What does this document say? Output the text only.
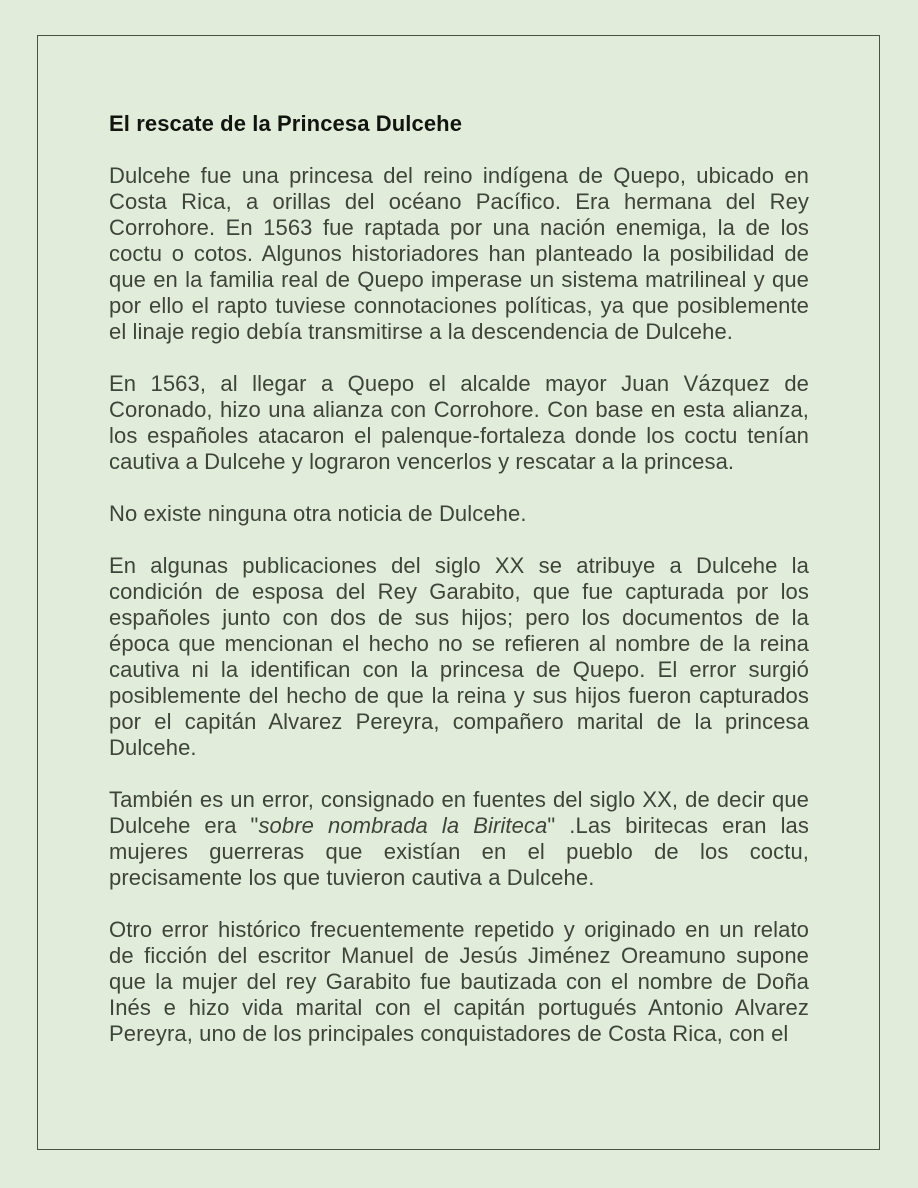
El rescate de la Princesa Dulcehe

Dulcehe fue una princesa del reino indígena de Quepo, ubicado en Costa Rica, a orillas del océano Pacífico. Era hermana del Rey Corrohore. En 1563 fue raptada por una nación enemiga, la de los coctu o cotos. Algunos historiadores han planteado la posibilidad de que en la familia real de Quepo imperase un sistema matrilineal y que por ello el rapto tuviese connotaciones políticas, ya que posiblemente el linaje regio debía transmitirse a la descendencia de Dulcehe.

En 1563, al llegar a Quepo el alcalde mayor Juan Vázquez de Coronado, hizo una alianza con Corrohore. Con base en esta alianza, los españoles atacaron el palenque-fortaleza donde los coctu tenían cautiva a Dulcehe y lograron vencerlos y rescatar a la princesa.

No existe ninguna otra noticia de Dulcehe.

En algunas publicaciones del siglo XX se atribuye a Dulcehe la condición de esposa del Rey Garabito, que fue capturada por los españoles junto con dos de sus hijos; pero los documentos de la época que mencionan el hecho no se refieren al nombre de la reina cautiva ni la identifican con la princesa de Quepo. El error surgió posiblemente del hecho de que la reina y sus hijos fueron capturados por el capitán Alvarez Pereyra, compañero marital de la princesa Dulcehe.

También es un error, consignado en fuentes del siglo XX, de decir que Dulcehe era "sobre nombrada la Biriteca" .Las biritecas eran las mujeres guerreras que existían en el pueblo de los coctu, precisamente los que tuvieron cautiva a Dulcehe.

Otro error histórico frecuentemente repetido y originado en un relato de ficción del escritor Manuel de Jesús Jiménez Oreamuno supone que la mujer del rey Garabito fue bautizada con el nombre de Doña Inés e hizo vida marital con el capitán portugués Antonio Alvarez Pereyra, uno de los principales conquistadores de Costa Rica, con el
